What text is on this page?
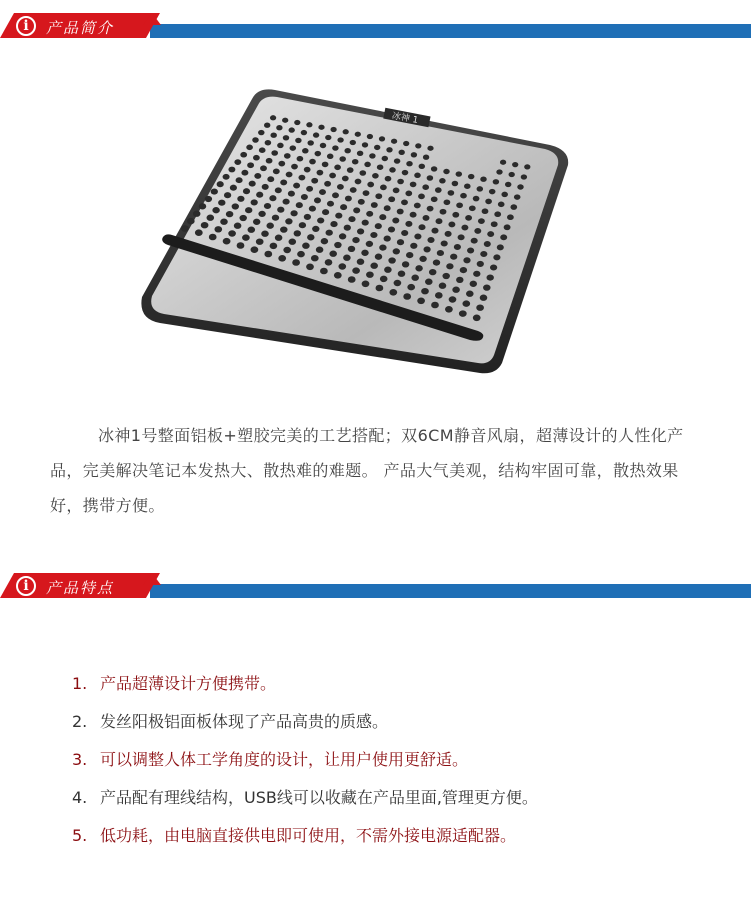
i	产品简介
冰神 1
冰神1号整面铝板+塑胶完美的工艺搭配；双6CM静音风扇，超薄设计的人性化产品，完美解决笔记本发热大、散热难的难题。 产品大气美观，结构牢固可靠，散热效果好，携带方便。
i	产品特点
1. 产品超薄设计方便携带。
2. 发丝阳极铝面板体现了产品高贵的质感。
3. 可以调整人体工学角度的设计，让用户使用更舒适。
4. 产品配有理线结构，USB线可以收藏在产品里面,管理更方便。
5. 低功耗，由电脑直接供电即可使用，不需外接电源适配器。
